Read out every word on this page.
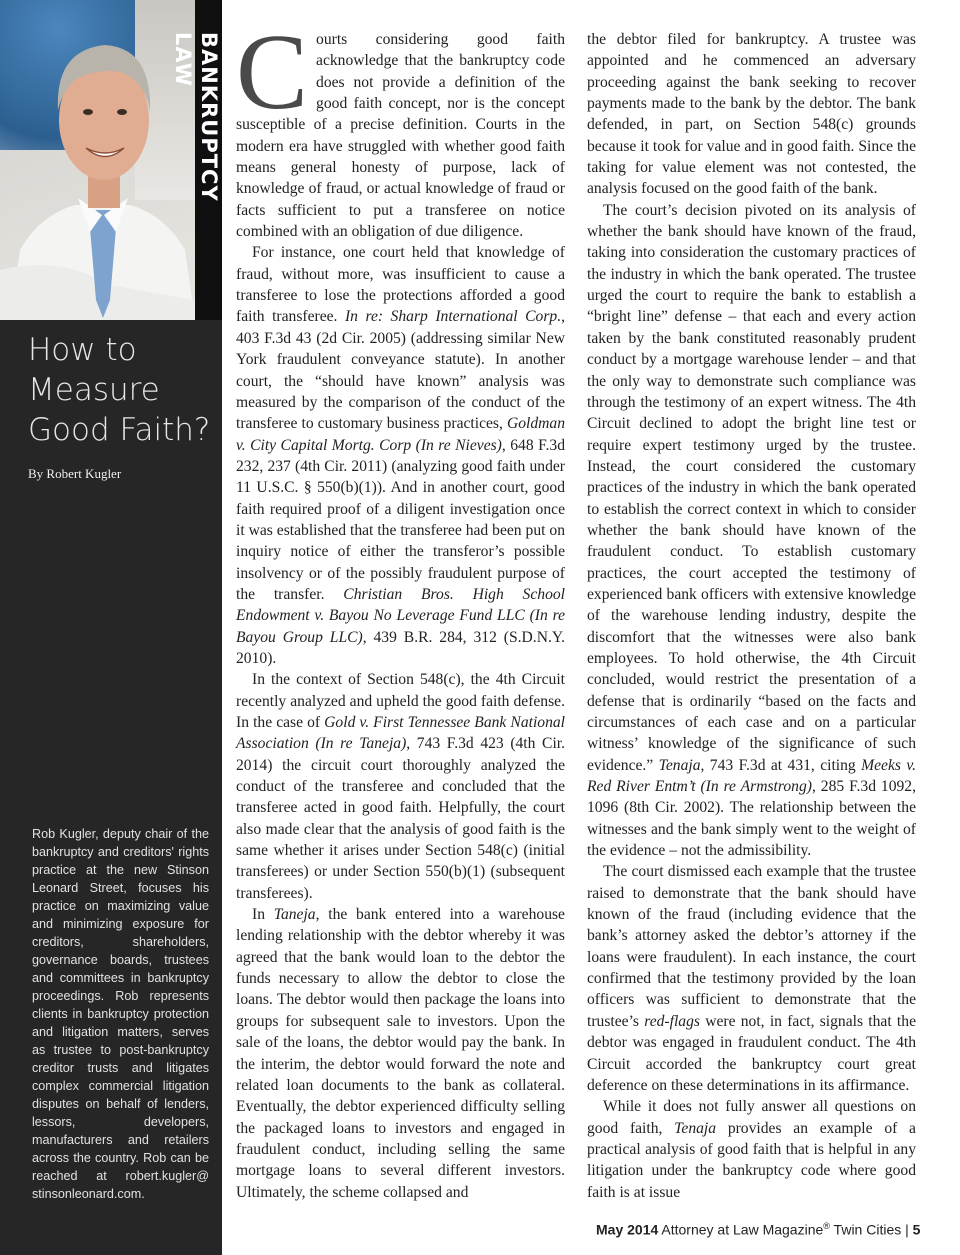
BANKRUPTCY LAW
How to Measure Good Faith?
By Robert Kugler
Rob Kugler, deputy chair of the bankruptcy and creditors' rights practice at the new Stinson Leonard Street, focuses his practice on maximizing value and minimizing exposure for creditors, shareholders, governance boards, trustees and committees in bankruptcy proceedings. Rob represents clients in bankruptcy protection and litigation matters, serves as trustee to post-bankruptcy creditor trusts and litigates complex commercial litigation disputes on behalf of lenders, lessors, developers, manufacturers and retailers across the country. Rob can be reached at robert.kugler@ stinsonleonard.com.

Courts considering good faith acknowledge that the bankruptcy code does not provide a definition of the good faith concept, nor is the concept susceptible of a precise definition. Courts in the modern era have struggled with whether good faith means general honesty of purpose, lack of knowledge of fraud, or actual knowledge of fraud or facts sufficient to put a transferee on notice combined with an obligation of due diligence.

For instance, one court held that knowledge of fraud, without more, was insufficient to cause a transferee to lose the protections afforded a good faith transferee. In re: Sharp International Corp., 403 F.3d 43 (2d Cir. 2005) (addressing similar New York fraudulent conveyance statute). In another court, the “should have known” analysis was measured by the comparison of the conduct of the transferee to customary business practices, Goldman v. City Capital Mortg. Corp (In re Nieves), 648 F.3d 232, 237 (4th Cir. 2011) (analyzing good faith under 11 U.S.C. § 550(b)(1)). And in another court, good faith required proof of a diligent investigation once it was established that the transferee had been put on inquiry notice of either the transferor’s possible insolvency or of the possibly fraudulent purpose of the transfer. Christian Bros. High School Endowment v. Bayou No Leverage Fund LLC (In re Bayou Group LLC), 439 B.R. 284, 312 (S.D.N.Y. 2010).

In the context of Section 548(c), the 4th Circuit recently analyzed and upheld the good faith defense. In the case of Gold v. First Tennessee Bank National Association (In re Taneja), 743 F.3d 423 (4th Cir. 2014) the circuit court thoroughly analyzed the conduct of the transferee and concluded that the transferee acted in good faith. Helpfully, the court also made clear that the analysis of good faith is the same whether it arises under Section 548(c) (initial transferees) or under Section 550(b)(1) (subsequent transferees).

In Taneja, the bank entered into a warehouse lending relationship with the debtor whereby it was agreed that the bank would loan to the debtor the funds necessary to allow the debtor to close the loans. The debtor would then package the loans into groups for subsequent sale to investors. Upon the sale of the loans, the debtor would pay the bank. In the interim, the debtor would forward the note and related loan documents to the bank as collateral. Eventually, the debtor experienced difficulty selling the packaged loans to investors and engaged in fraudulent conduct, including selling the same mortgage loans to several different investors. Ultimately, the scheme collapsed and

the debtor filed for bankruptcy. A trustee was appointed and he commenced an adversary proceeding against the bank seeking to recover payments made to the bank by the debtor. The bank defended, in part, on Section 548(c) grounds because it took for value and in good faith. Since the taking for value element was not contested, the analysis focused on the good faith of the bank.

The court’s decision pivoted on its analysis of whether the bank should have known of the fraud, taking into consideration the customary practices of the industry in which the bank operated. The trustee urged the court to require the bank to establish a “bright line” defense – that each and every action taken by the bank constituted reasonably prudent conduct by a mortgage warehouse lender – and that the only way to demonstrate such compliance was through the testimony of an expert witness. The 4th Circuit declined to adopt the bright line test or require expert testimony urged by the trustee. Instead, the court considered the customary practices of the industry in which the bank operated to establish the correct context in which to consider whether the bank should have known of the fraudulent conduct. To establish customary practices, the court accepted the testimony of experienced bank officers with extensive knowledge of the warehouse lending industry, despite the discomfort that the witnesses were also bank employees. To hold otherwise, the 4th Circuit concluded, would restrict the presentation of a defense that is ordinarily “based on the facts and circumstances of each case and on a particular witness’ knowledge of the significance of such evidence.” Tenaja, 743 F.3d at 431, citing Meeks v. Red River Entm’t (In re Armstrong), 285 F.3d 1092, 1096 (8th Cir. 2002). The relationship between the witnesses and the bank simply went to the weight of the evidence – not the admissibility.

The court dismissed each example that the trustee raised to demonstrate that the bank should have known of the fraud (including evidence that the bank’s attorney asked the debtor’s attorney if the loans were fraudulent). In each instance, the court confirmed that the testimony provided by the loan officers was sufficient to demonstrate that the trustee’s red-flags were not, in fact, signals that the debtor was engaged in fraudulent conduct. The 4th Circuit accorded the bankruptcy court great deference on these determinations in its affirmance.

While it does not fully answer all questions on good faith, Tenaja provides an example of a practical analysis of good faith that is helpful in any litigation under the bankruptcy code where good faith is at issue

May 2014 Attorney at Law Magazine® Twin Cities | 5
